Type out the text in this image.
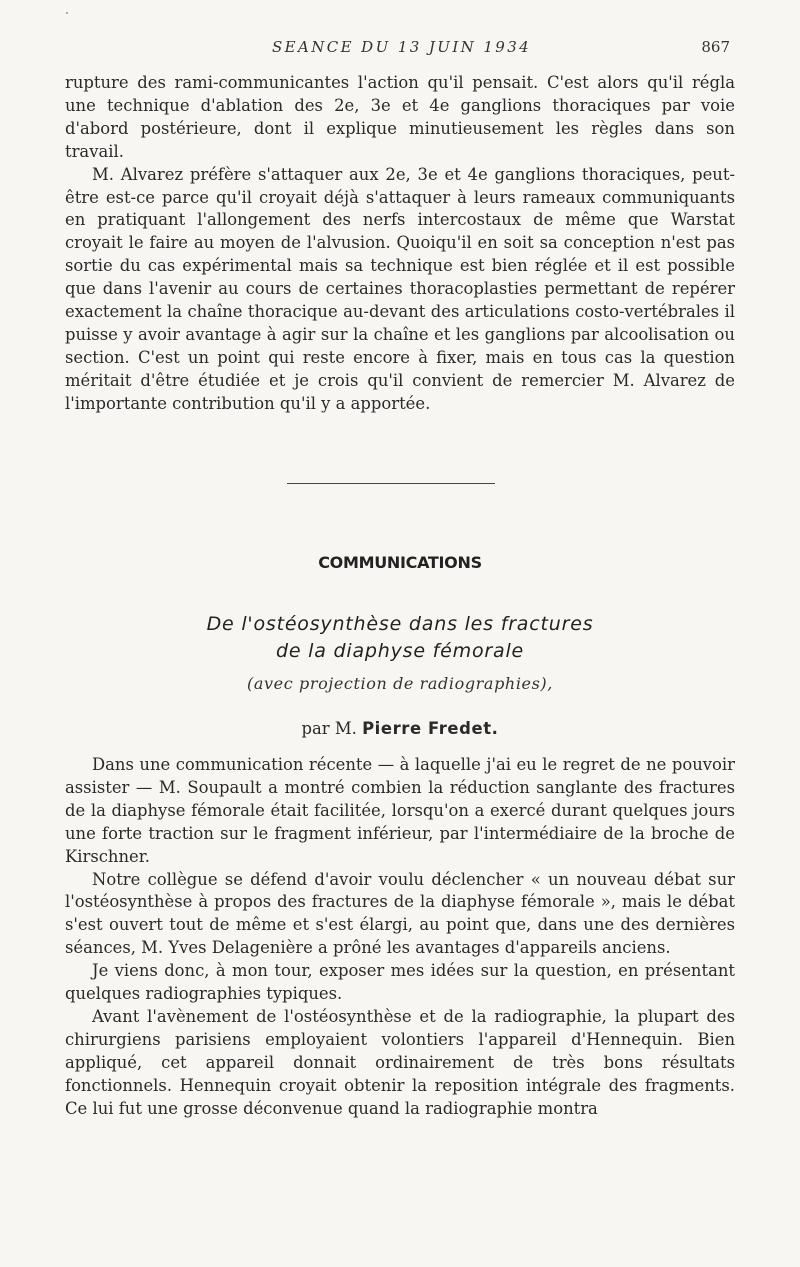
SEANCE DU 13 JUIN 1934	867

rupture des rami-communicantes l'action qu'il pensait. C'est alors qu'il régla une technique d'ablation des 2e, 3e et 4e ganglions thoraciques par voie d'abord postérieure, dont il explique minutieusement les règles dans son travail.

M. Alvarez préfère s'attaquer aux 2e, 3e et 4e ganglions thoraciques, peut-être est-ce parce qu'il croyait déjà s'attaquer à leurs rameaux communiquants en pratiquant l'allongement des nerfs intercostaux de même que Warstat croyait le faire au moyen de l'alvusion. Quoiqu'il en soit sa conception n'est pas sortie du cas expérimental mais sa technique est bien réglée et il est possible que dans l'avenir au cours de certaines thoracoplasties permettant de repérer exactement la chaîne thoracique au-devant des articulations costo-vertébrales il puisse y avoir avantage à agir sur la chaîne et les ganglions par alcoolisation ou section. C'est un point qui reste encore à fixer, mais en tous cas la question méritait d'être étudiée et je crois qu'il convient de remercier M. Alvarez de l'importante contribution qu'il y a apportée.

COMMUNICATIONS
De l'ostéosynthèse dans les fractures
de la diaphyse fémorale
(avec projection de radiographies),
par M. Pierre Fredet.

Dans une communication récente — à laquelle j'ai eu le regret de ne pouvoir assister — M. Soupault a montré combien la réduction sanglante des fractures de la diaphyse fémorale était facilitée, lorsqu'on a exercé durant quelques jours une forte traction sur le fragment inférieur, par l'intermédiaire de la broche de Kirschner.

Notre collègue se défend d'avoir voulu déclencher « un nouveau débat sur l'ostéosynthèse à propos des fractures de la diaphyse fémorale », mais le débat s'est ouvert tout de même et s'est élargi, au point que, dans une des dernières séances, M. Yves Delagenière a prôné les avantages d'appareils anciens.

Je viens donc, à mon tour, exposer mes idées sur la question, en présentant quelques radiographies typiques.

Avant l'avènement de l'ostéosynthèse et de la radiographie, la plupart des chirurgiens parisiens employaient volontiers l'appareil d'Hennequin. Bien appliqué, cet appareil donnait ordinairement de très bons résultats fonctionnels. Hennequin croyait obtenir la reposition intégrale des fragments. Ce lui fut une grosse déconvenue quand la radiographie montra
